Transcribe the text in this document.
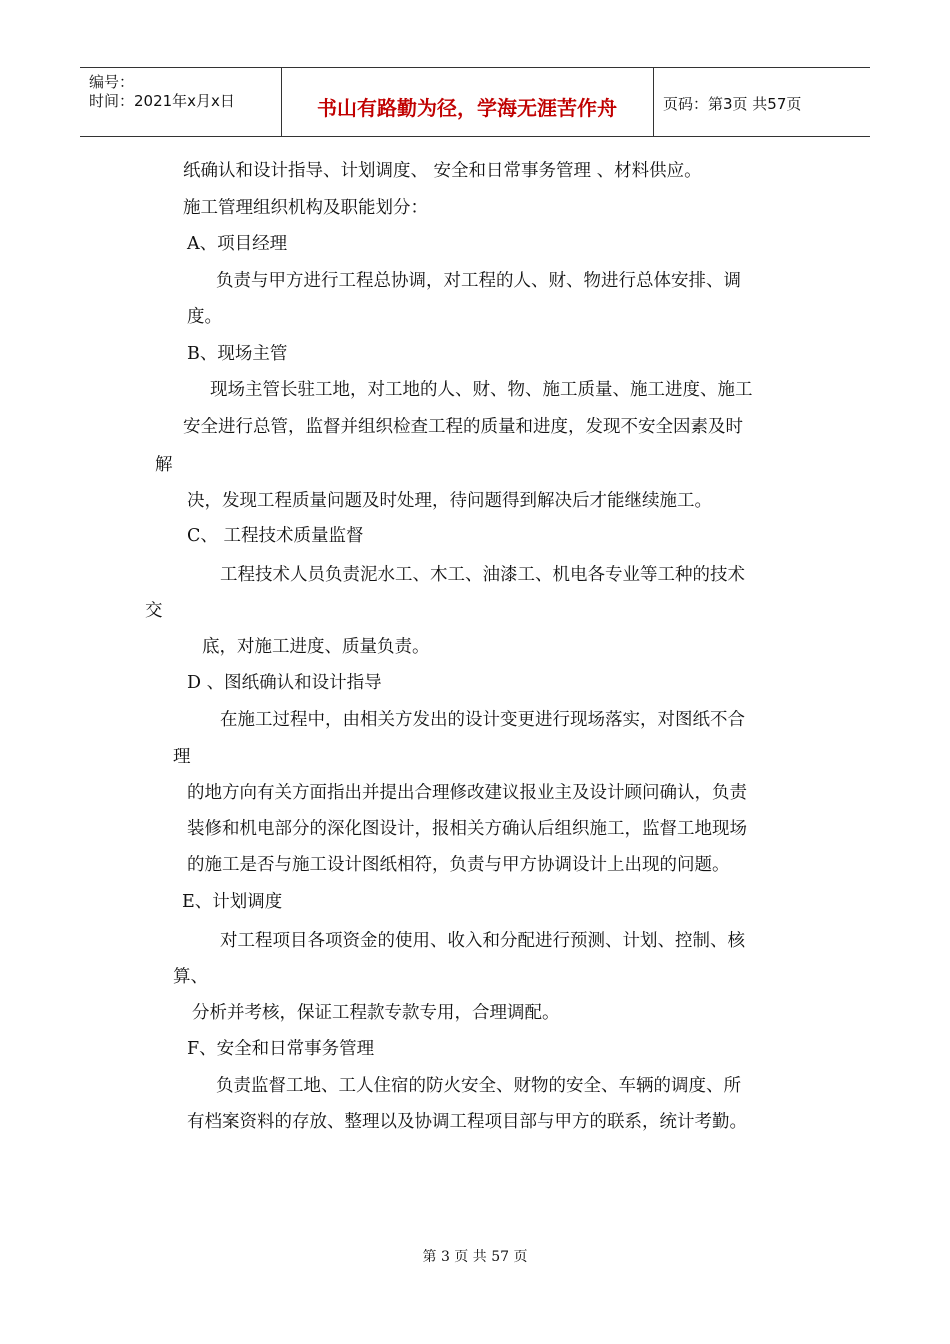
编号：
时间：2021年x月x日	书山有路勤为径，学海无涯苦作舟	页码：第3页 共57页
纸确认和设计指导、计划调度、 安全和日常事务管理 、材料供应。
施工管理组织机构及职能划分：
A、项目经理
负责与甲方进行工程总协调，对工程的人、财、物进行总体安排、调
度。
B、现场主管
现场主管长驻工地，对工地的人、财、物、施工质量、施工进度、施工
安全进行总管，监督并组织检查工程的质量和进度，发现不安全因素及时
解
决，发现工程质量问题及时处理，待问题得到解决后才能继续施工。
C、 工程技术质量监督
工程技术人员负责泥水工、木工、油漆工、机电各专业等工种的技术
交
底，对施工进度、质量负责。
D 、图纸确认和设计指导
在施工过程中，由相关方发出的设计变更进行现场落实，对图纸不合
理
的地方向有关方面指出并提出合理修改建议报业主及设计顾问确认，负责
装修和机电部分的深化图设计，报相关方确认后组织施工，监督工地现场
的施工是否与施工设计图纸相符，负责与甲方协调设计上出现的问题。
E、计划调度
对工程项目各项资金的使用、收入和分配进行预测、计划、控制、核
算、
分析并考核，保证工程款专款专用，合理调配。
F、安全和日常事务管理
负责监督工地、工人住宿的防火安全、财物的安全、车辆的调度、所
有档案资料的存放、整理以及协调工程项目部与甲方的联系，统计考勤。
第 3 页 共 57 页
